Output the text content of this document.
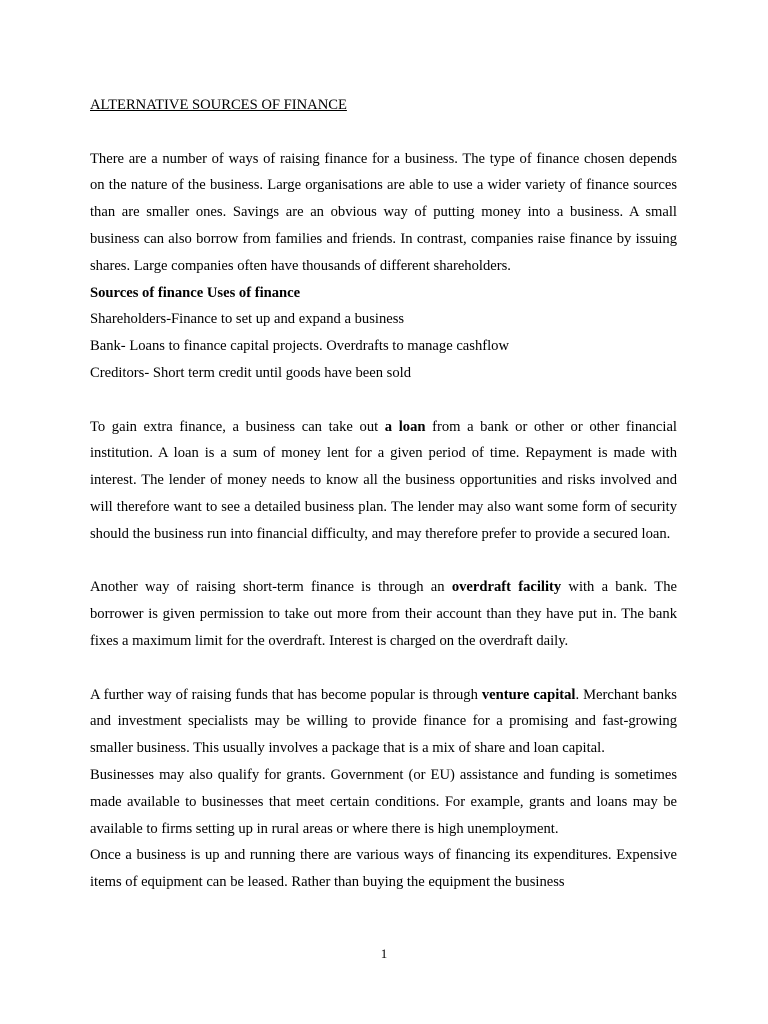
ALTERNATIVE SOURCES OF FINANCE

There are a number of ways of raising finance for a business. The type of finance chosen depends on the nature of the business. Large organisations are able to use a wider variety of finance sources than are smaller ones. Savings are an obvious way of putting money into a business. A small business can also borrow from families and friends. In contrast, companies raise finance by issuing shares. Large companies often have thousands of different shareholders.

Sources of finance Uses of finance
Shareholders-Finance to set up and expand a business
Bank- Loans to finance capital projects. Overdrafts to manage cashflow
Creditors- Short term credit until goods have been sold

To gain extra finance, a business can take out a loan from a bank or other or other financial institution. A loan is a sum of money lent for a given period of time. Repayment is made with interest. The lender of money needs to know all the business opportunities and risks involved and will therefore want to see a detailed business plan. The lender may also want some form of security should the business run into financial difficulty, and may therefore prefer to provide a secured loan.

Another way of raising short-term finance is through an overdraft facility with a bank. The borrower is given permission to take out more from their account than they have put in. The bank fixes a maximum limit for the overdraft. Interest is charged on the overdraft daily.

A further way of raising funds that has become popular is through venture capital. Merchant banks and investment specialists may be willing to provide finance for a promising and fast-growing smaller business. This usually involves a package that is a mix of share and loan capital.

Businesses may also qualify for grants. Government (or EU) assistance and funding is sometimes made available to businesses that meet certain conditions. For example, grants and loans may be available to firms setting up in rural areas or where there is high unemployment.

Once a business is up and running there are various ways of financing its expenditures. Expensive items of equipment can be leased. Rather than buying the equipment the business

1
